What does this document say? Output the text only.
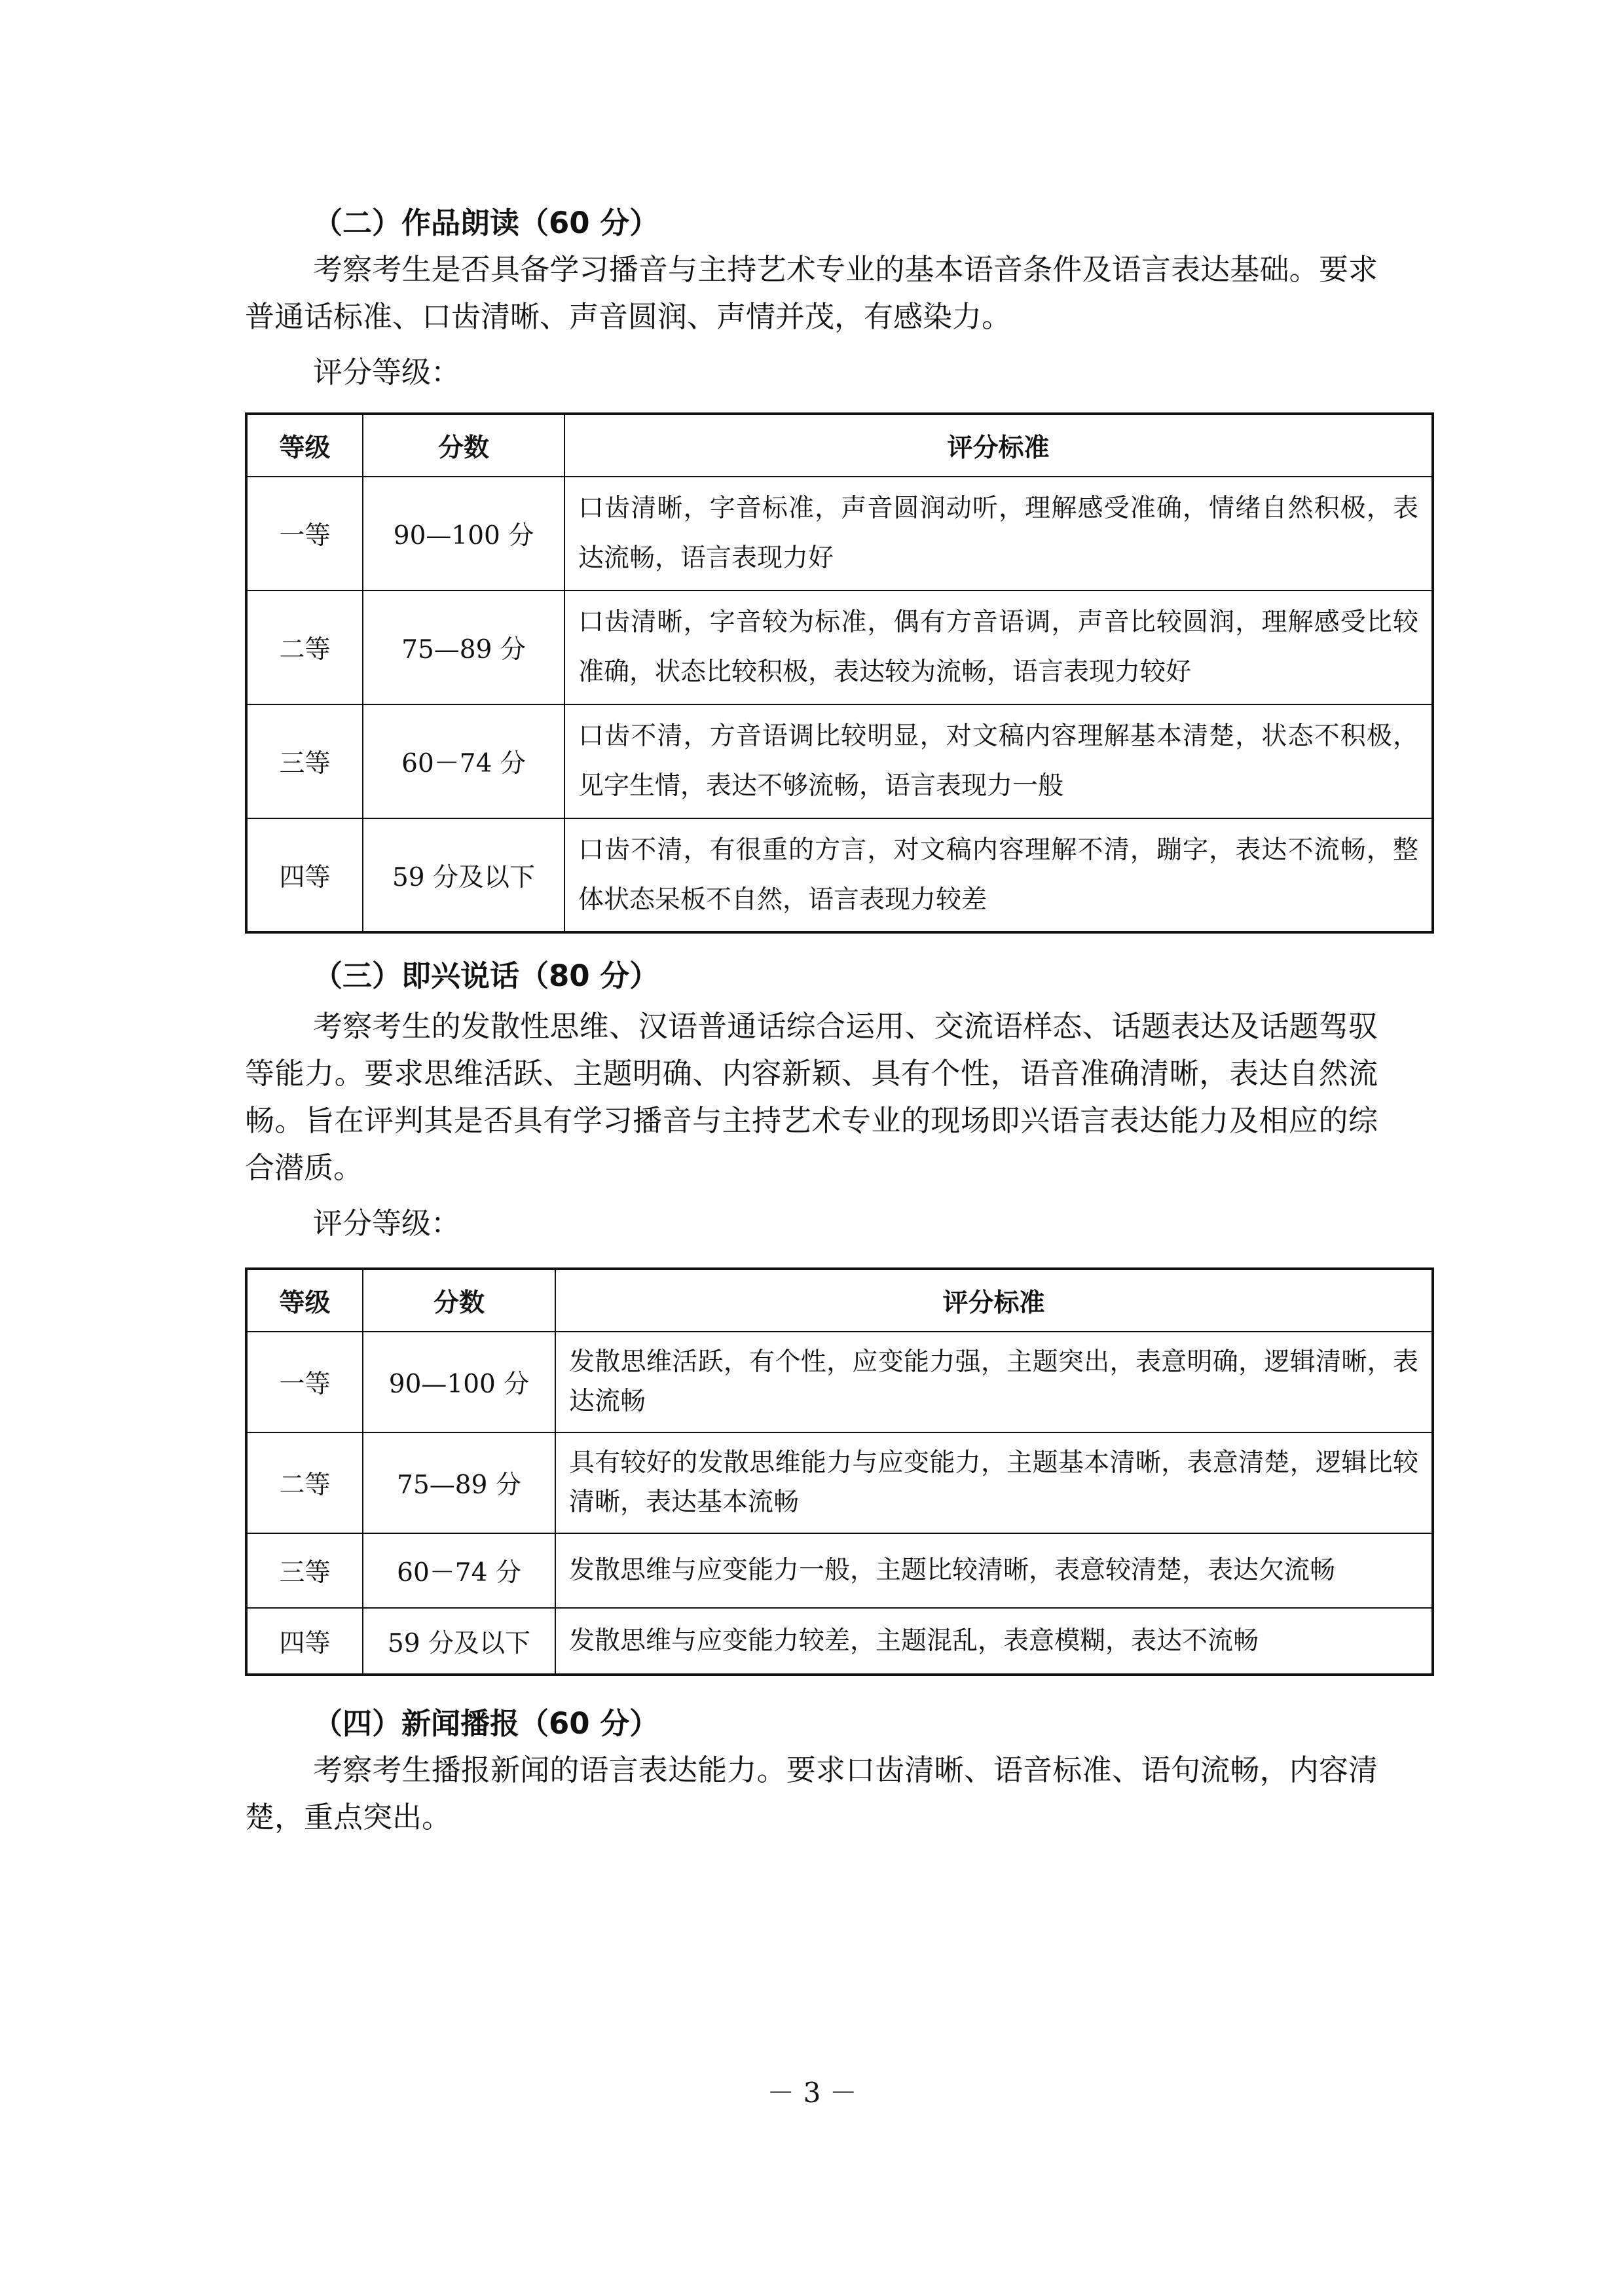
（二）作品朗读（60 分）

考察考生是否具备学习播音与主持艺术专业的基本语音条件及语言表达基础。要求普通话标准、口齿清晰、声音圆润、声情并茂，有感染力。

评分等级：
等级	分数	评分标准
一等	90—100 分	口齿清晰，字音标准，声音圆润动听，理解感受准确，情绪自然积极，表达流畅，语言表现力好
二等	75—89 分	口齿清晰，字音较为标准，偶有方音语调，声音比较圆润，理解感受比较准确，状态比较积极，表达较为流畅，语言表现力较好
三等	60－74 分	口齿不清，方音语调比较明显，对文稿内容理解基本清楚，状态不积极，见字生情，表达不够流畅，语言表现力一般
四等	59 分及以下	口齿不清，有很重的方言，对文稿内容理解不清，蹦字，表达不流畅，整体状态呆板不自然，语言表现力较差
（三）即兴说话（80 分）

考察考生的发散性思维、汉语普通话综合运用、交流语样态、话题表达及话题驾驭等能力。要求思维活跃、主题明确、内容新颖、具有个性，语音准确清晰，表达自然流畅。旨在评判其是否具有学习播音与主持艺术专业的现场即兴语言表达能力及相应的综合潜质。

评分等级：
等级	分数	评分标准
一等	90—100 分	发散思维活跃，有个性，应变能力强，主题突出，表意明确，逻辑清晰，表达流畅
二等	75—89 分	具有较好的发散思维能力与应变能力，主题基本清晰，表意清楚，逻辑比较清晰，表达基本流畅
三等	60－74 分	发散思维与应变能力一般，主题比较清晰，表意较清楚，表达欠流畅
四等	59 分及以下	发散思维与应变能力较差，主题混乱，表意模糊，表达不流畅
（四）新闻播报（60 分）

考察考生播报新闻的语言表达能力。要求口齿清晰、语音标准、语句流畅，内容清楚，重点突出。

－ 3 －
